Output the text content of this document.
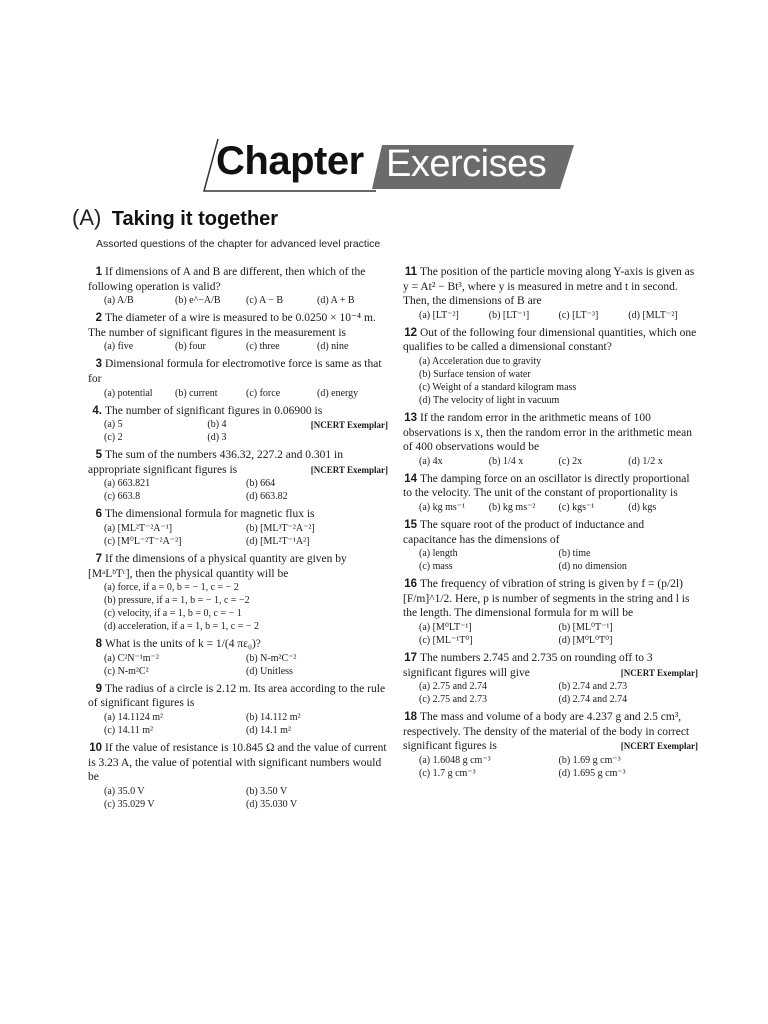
Chapter Exercises
(A) Taking it together
Assorted questions of the chapter for advanced level practice
1 If dimensions of A and B are different, then which of the following operation is valid?
(a) A/B	(b) e^−A/B	(c) A − B	(d) A + B
2 The diameter of a wire is measured to be 0.0250 × 10⁻⁴ m. The number of significant figures in the measurement is
(a) five	(b) four	(c) three	(d) nine
3 Dimensional formula for electromotive force is same as that for
(a) potential	(b) current	(c) force	(d) energy
4. The number of significant figures in 0.06900 is
[NCERT Exemplar]
(a) 5	(b) 4
(c) 2	(d) 3
5 The sum of the numbers 436.32, 227.2 and 0.301 in appropriate significant figures is	[NCERT Exemplar]
(a) 663.821	(b) 664
(c) 663.8	(d) 663.82
6 The dimensional formula for magnetic flux is
(a) [ML²T⁻²A⁻¹]	(b) [ML³T⁻²A⁻²]
(c) [M⁰L⁻²T⁻²A⁻²]	(d) [ML²T⁻¹A²]
7 If the dimensions of a physical quantity are given by [MᵃLᵇTᶜ], then the physical quantity will be
(a) force, if a = 0, b = − 1, c = − 2
(b) pressure, if a = 1, b = − 1, c = −2
(c) velocity, if a = 1, b = 0, c = − 1
(d) acceleration, if a = 1, b = 1, c = − 2
8 What is the units of k = 1/(4 πε₀)?
(a) C²N⁻¹m⁻²	(b) N-m²C⁻²
(c) N-m²C²	(d) Unitless
9 The radius of a circle is 2.12 m. Its area according to the rule of significant figures is
(a) 14.1124 m²	(b) 14.112 m²
(c) 14.11 m²	(d) 14.1 m²
10 If the value of resistance is 10.845 Ω and the value of current is 3.23 A, the value of potential with significant numbers would be
(a) 35.0 V	(b) 3.50 V
(c) 35.029 V	(d) 35.030 V
11 The position of the particle moving along Y-axis is given as y = At² − Bt³, where y is measured in metre and t in second. Then, the dimensions of B are
(a) [LT⁻²]	(b) [LT⁻¹]	(c) [LT⁻³]	(d) [MLT⁻²]
12 Out of the following four dimensional quantities, which one qualifies to be called a dimensional constant?
(a) Acceleration due to gravity
(b) Surface tension of water
(c) Weight of a standard kilogram mass
(d) The velocity of light in vacuum
13 If the random error in the arithmetic means of 100 observations is x, then the random error in the arithmetic mean of 400 observations would be
(a) 4x	(b) 1/4 x	(c) 2x	(d) 1/2 x
14 The damping force on an oscillator is directly proportional to the velocity. The unit of the constant of proportionality is
(a) kg ms⁻¹	(b) kg ms⁻²	(c) kgs⁻¹	(d) kgs
15 The square root of the product of inductance and capacitance has the dimensions of
(a) length	(b) time
(c) mass	(d) no dimension
16 The frequency of vibration of string is given by f = (p/2l)[F/m]^1/2. Here, p is number of segments in the string and l is the length. The dimensional formula for m will be
(a) [M⁰LT⁻¹]	(b) [ML⁰T⁻¹]
(c) [ML⁻¹T⁰]	(d) [M⁰L⁰T⁰]
17 The numbers 2.745 and 2.735 on rounding off to 3 significant figures will give	[NCERT Exemplar]
(a) 2.75 and 2.74	(b) 2.74 and 2.73
(c) 2.75 and 2.73	(d) 2.74 and 2.74
18 The mass and volume of a body are 4.237 g and 2.5 cm³, respectively. The density of the material of the body in correct significant figures is	[NCERT Exemplar]
(a) 1.6048 g cm⁻³	(b) 1.69 g cm⁻³
(c) 1.7 g cm⁻³	(d) 1.695 g cm⁻³
